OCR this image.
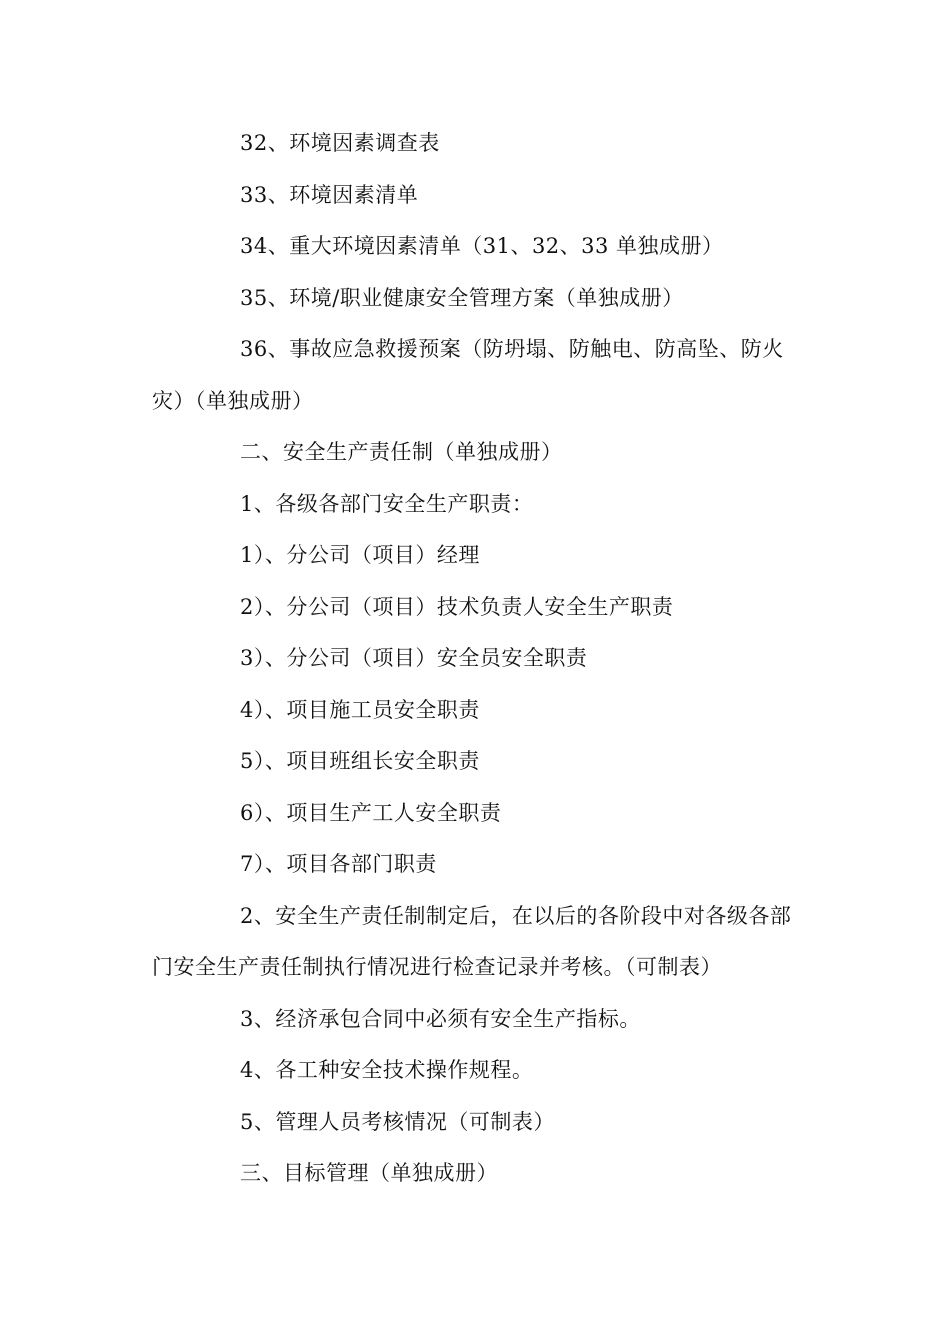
32、环境因素调查表

33、环境因素清单

34、重大环境因素清单（31、32、33 单独成册）

35、环境/职业健康安全管理方案（单独成册）

36、事故应急救援预案（防坍塌、防触电、防高坠、防火灾）（单独成册）

二、安全生产责任制（单独成册）

1、各级各部门安全生产职责：

1）、分公司（项目）经理

2）、分公司（项目）技术负责人安全生产职责

3）、分公司（项目）安全员安全职责

4）、项目施工员安全职责

5）、项目班组长安全职责

6）、项目生产工人安全职责

7）、项目各部门职责

2、安全生产责任制制定后，在以后的各阶段中对各级各部门安全生产责任制执行情况进行检查记录并考核。（可制表）

3、经济承包合同中必须有安全生产指标。

4、各工种安全技术操作规程。

5、管理人员考核情况（可制表）

三、目标管理（单独成册）
